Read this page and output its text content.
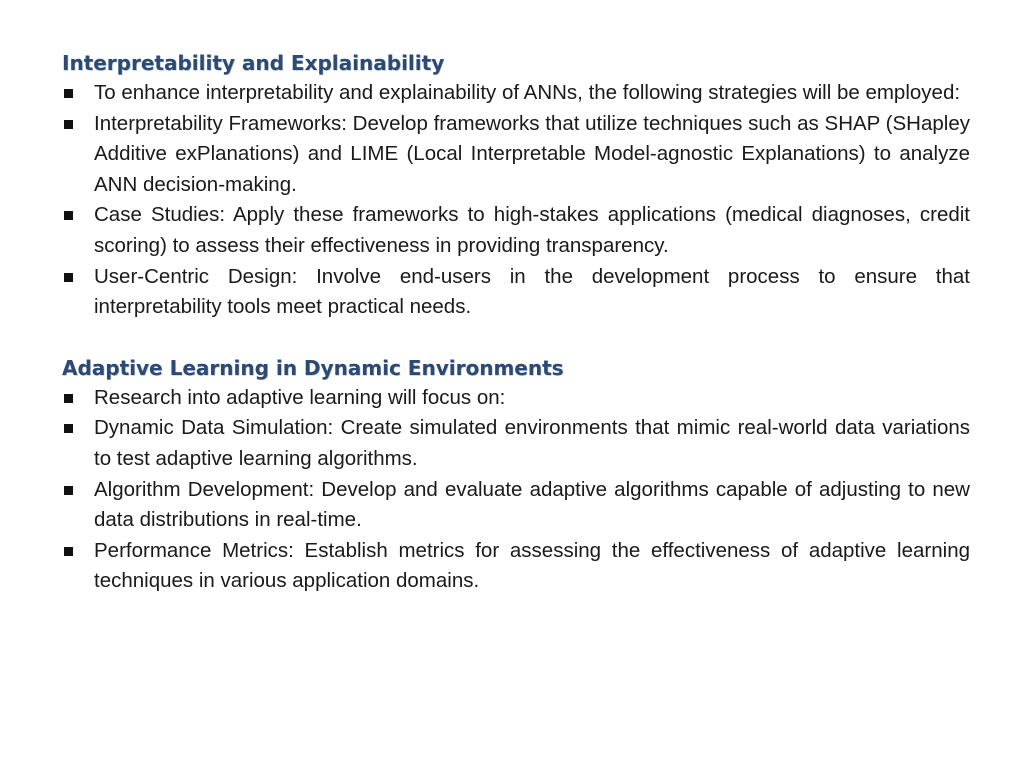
Interpretability and Explainability
To enhance interpretability and explainability of ANNs, the following strategies will be employed:
Interpretability Frameworks: Develop frameworks that utilize techniques such as SHAP (SHapley Additive exPlanations) and LIME (Local Interpretable Model-agnostic Explanations) to analyze ANN decision-making.
Case Studies: Apply these frameworks to high-stakes applications (medical diagnoses, credit scoring) to assess their effectiveness in providing transparency.
User-Centric Design: Involve end-users in the development process to ensure that interpretability tools meet practical needs.
Adaptive Learning in Dynamic Environments
Research into adaptive learning will focus on:
Dynamic Data Simulation: Create simulated environments that mimic real-world data variations to test adaptive learning algorithms.
Algorithm Development: Develop and evaluate adaptive algorithms capable of adjusting to new data distributions in real-time.
Performance Metrics: Establish metrics for assessing the effectiveness of adaptive learning techniques in various application domains.
